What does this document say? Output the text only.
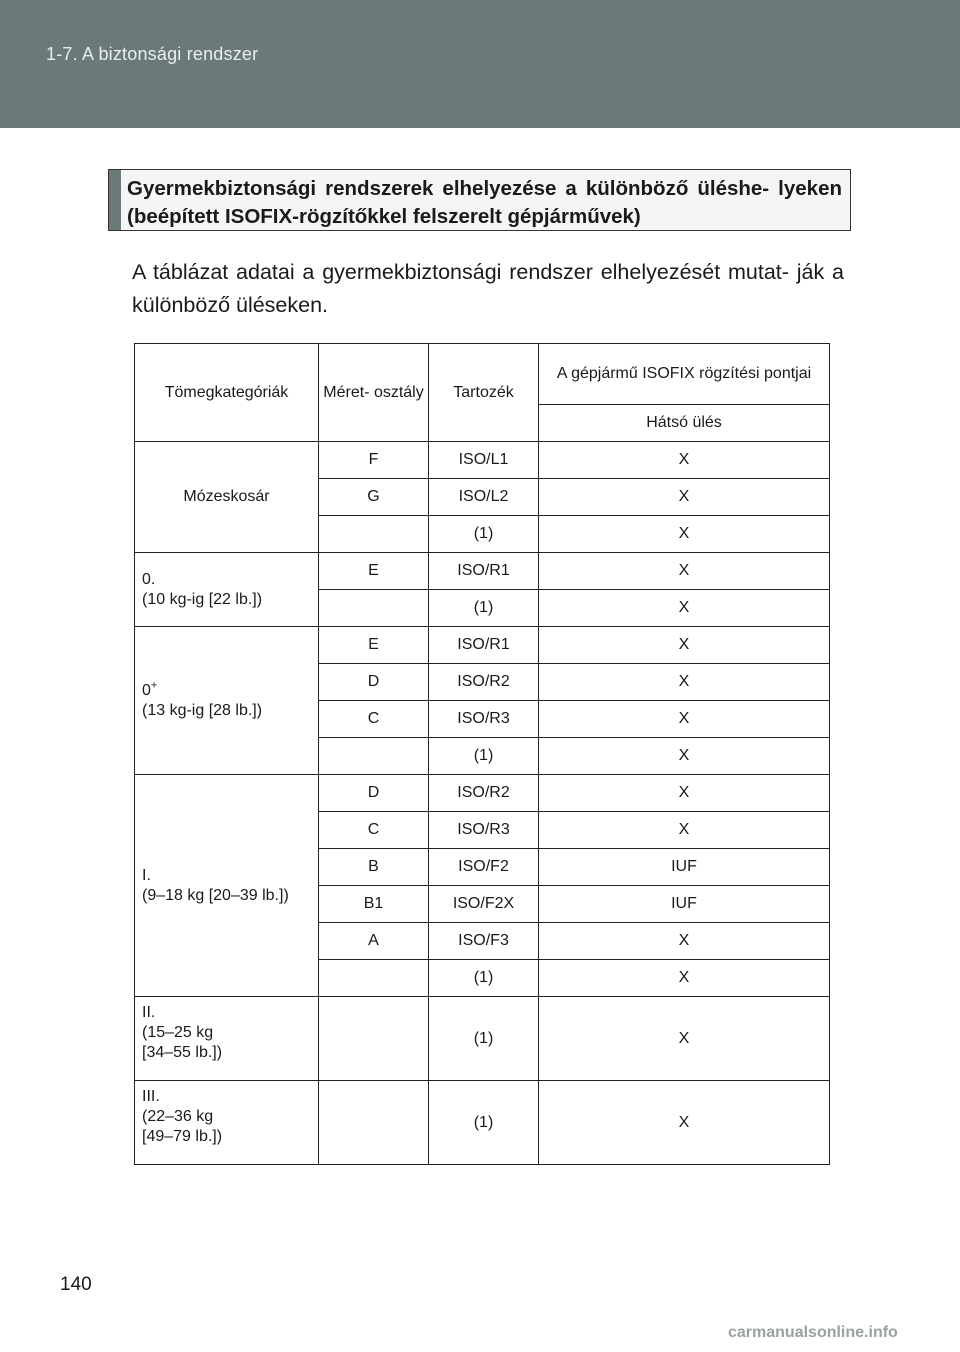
1-7. A biztonsági rendszer
Gyermekbiztonsági rendszerek elhelyezése a különböző üléshe- lyeken (beépített ISOFIX-rögzítőkkel felszerelt gépjárművek)
A táblázat adatai a gyermekbiztonsági rendszer elhelyezését mutat- ják a különböző üléseken.
Tömegkategóriák	Méret- osztály	Tartozék	A gépjármű ISOFIX rögzítési pontjai
			Hátsó ülés
Mózeskosár	F	ISO/L1	X
	G	ISO/L2	X
		(1)	X

0.
(10 kg-ig [22 lb.])	E	ISO/R1	X
		(1)	X

0+
(13 kg-ig [28 lb.])	E	ISO/R1	X
	D	ISO/R2	X
	C	ISO/R3	X
		(1)	X

I.
(9–18 kg [20–39 lb.])	D	ISO/R2	X
	C	ISO/R3	X
	B	ISO/F2	IUF
	B1	ISO/F2X	IUF
	A	ISO/F3	X
		(1)	X

II.
(15–25 kg
[34–55 lb.])		(1)	X

III.
(22–36 kg
[49–79 lb.])		(1)	X
140
carmanualsonline.info
